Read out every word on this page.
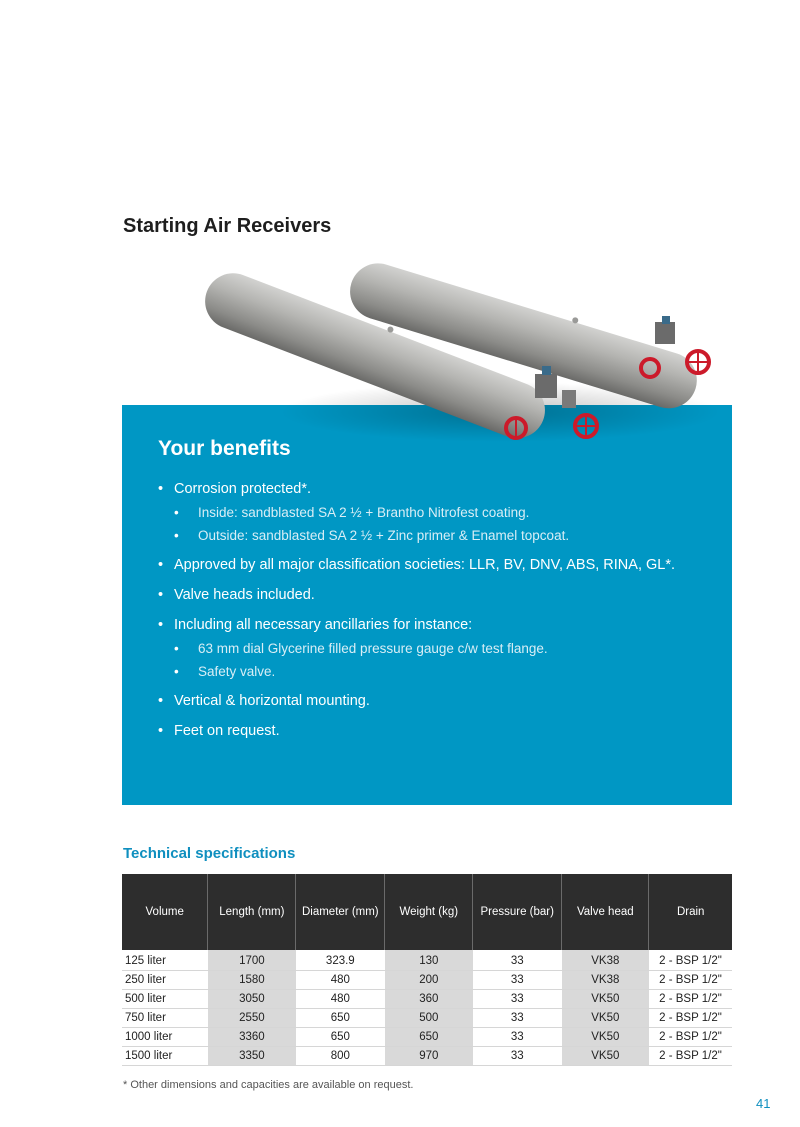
Starting Air Receivers
Your benefits
• Corrosion protected*.
• Inside: sandblasted SA 2 ½ + Brantho Nitrofest coating.
• Outside: sandblasted SA 2 ½ + Zinc primer & Enamel topcoat.
• Approved by all major classification societies: LLR, BV, DNV, ABS, RINA, GL*.
• Valve heads included.
• Including all necessary ancillaries for instance:
• 63 mm dial Glycerine filled pressure gauge c/w test flange.
• Safety valve.
• Vertical & horizontal mounting.
• Feet on request.
Technical specifications
Volume	Length (mm)	Diameter (mm)	Weight (kg)	Pressure (bar)	Valve head	Drain
125 liter	1700	323.9	130	33	VK38	2 - BSP 1/2"
250 liter	1580	480	200	33	VK38	2 - BSP 1/2"
500 liter	3050	480	360	33	VK50	2 - BSP 1/2"
750 liter	2550	650	500	33	VK50	2 - BSP 1/2"
1000 liter	3360	650	650	33	VK50	2 - BSP 1/2"
1500 liter	3350	800	970	33	VK50	2 - BSP 1/2"

* Other dimensions and capacities are available on request.

41
